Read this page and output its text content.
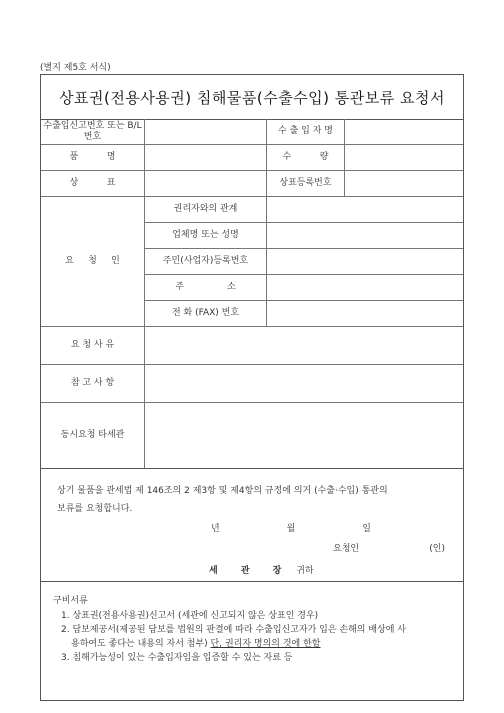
(별지 제5호 서식)
상표권(전용사용권) 침해물품(수출수입) 통관보류 요청서
수출입신고번호 또는 B/L 번호
수 출 입 자 명
품          명	수          량
상          표	상표등록번호
요     청     인
권리자와의 관계
업체명 또는 성명
주민(사업자)등록번호
주               소
전 화 (FAX) 번호
요 청 사 유
참 고 사 항
동시요청 타세관
상기 물품을 관세법 제 146조의 2 제3항 및 제4항의 규정에 의거 (수출·수입) 통관의
보류를 요청합니다.
년	월	일
요청인	(인)
세 관 장 귀하
구비서류
1. 상표권(전용사용권)신고서 (세관에 신고되지 않은 상표인 경우)
2. 담보제공서(제공된 담보를 법원의 판결에 따라 수출입신고자가 입은 손해의 배상에 사
용하여도 좋다는 내용의 자서 첨부) 단, 권리자 명의의 것에 한함
3. 침해가능성이 있는 수출입자임을 입증할 수 있는 자료 등
